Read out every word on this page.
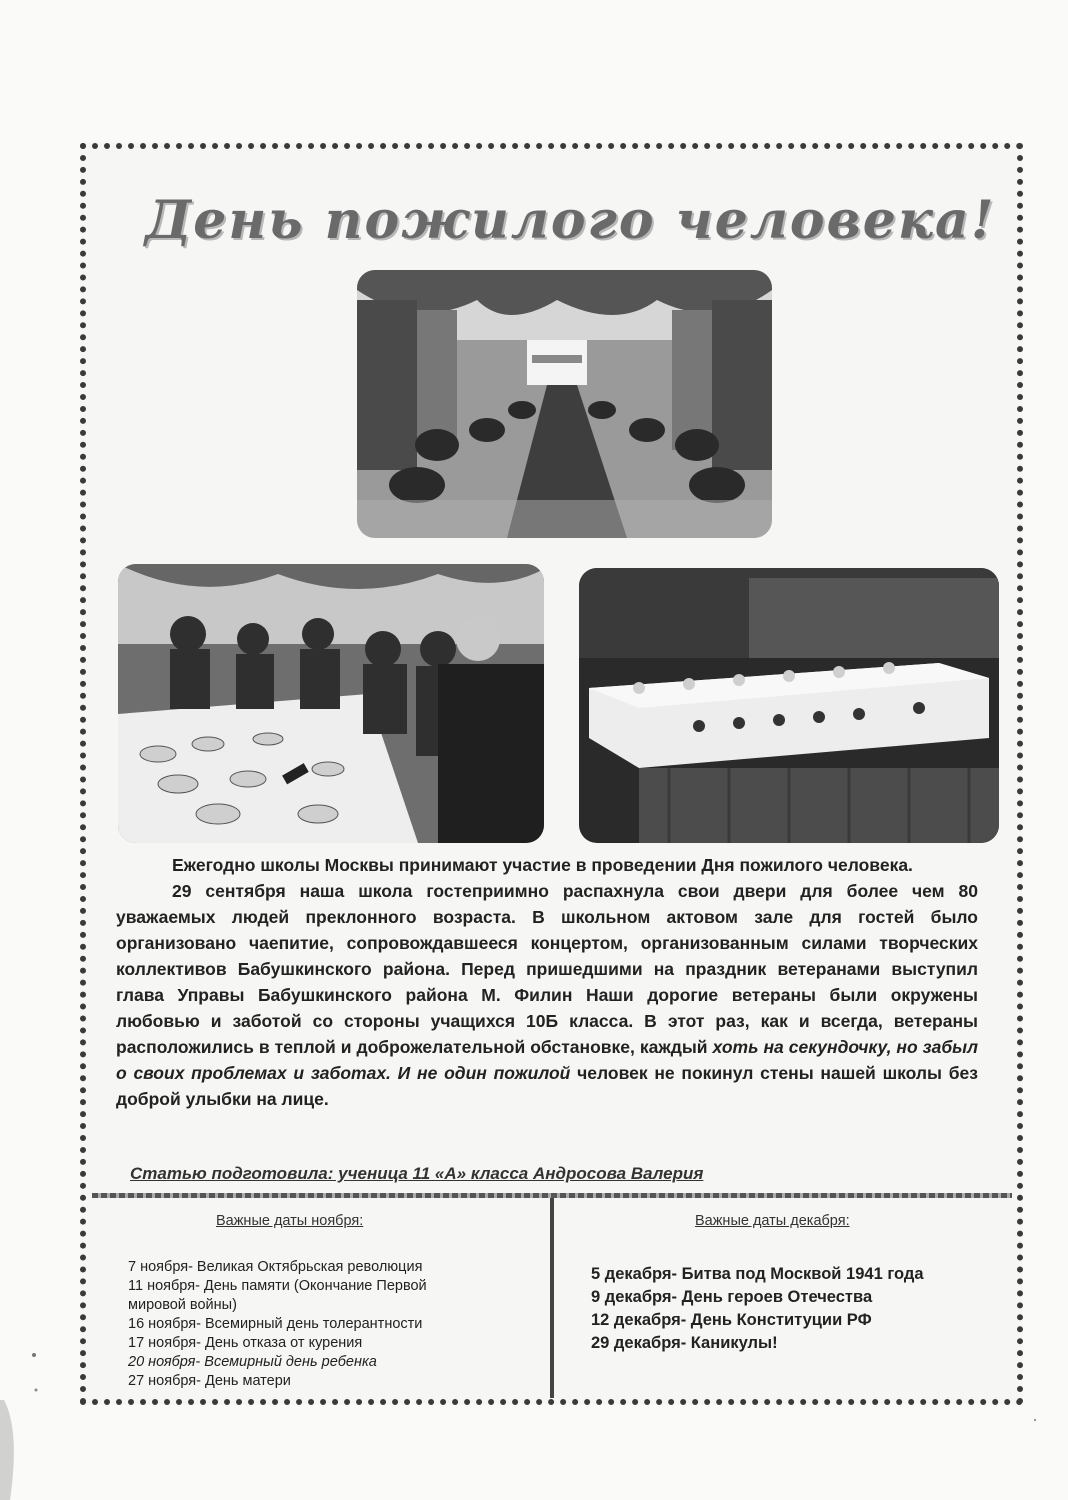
День пожилого человека!

Ежегодно школы Москвы принимают участие в проведении Дня пожилого человека.

29 сентября наша школа гостеприимно распахнула свои двери для более чем 80 уважаемых людей преклонного возраста. В школьном актовом зале для гостей было организовано чаепитие, сопровождавшееся концертом, организованным силами творческих коллективов Бабушкинского района. Перед пришедшими на праздник ветеранами выступил глава Управы Бабушкинского района М. Филин Наши дорогие ветераны были окружены любовью и заботой со стороны учащихся 10Б класса. В этот раз, как и всегда, ветераны расположились в теплой и доброжелательной обстановке, каждый хоть на секундочку, но забыл о своих проблемах и заботах. И не один пожилой человек не покинул стены нашей школы без доброй улыбки на лице.

Статью подготовила: ученица 11 «А» класса Андросова Валерия

Важные даты ноября:

7 ноября- Великая Октябрьская революция
11 ноября- День памяти (Окончание Первой мировой войны)
16 ноября- Всемирный день толерантности
17 ноября- День отказа от курения
20 ноября- Всемирный день ребенка
27 ноября- День матери

Важные даты декабря:

5 декабря- Битва под Москвой 1941 года
9 декабря- День героев Отечества
12 декабря- День Конституции РФ
29 декабря- Каникулы!
